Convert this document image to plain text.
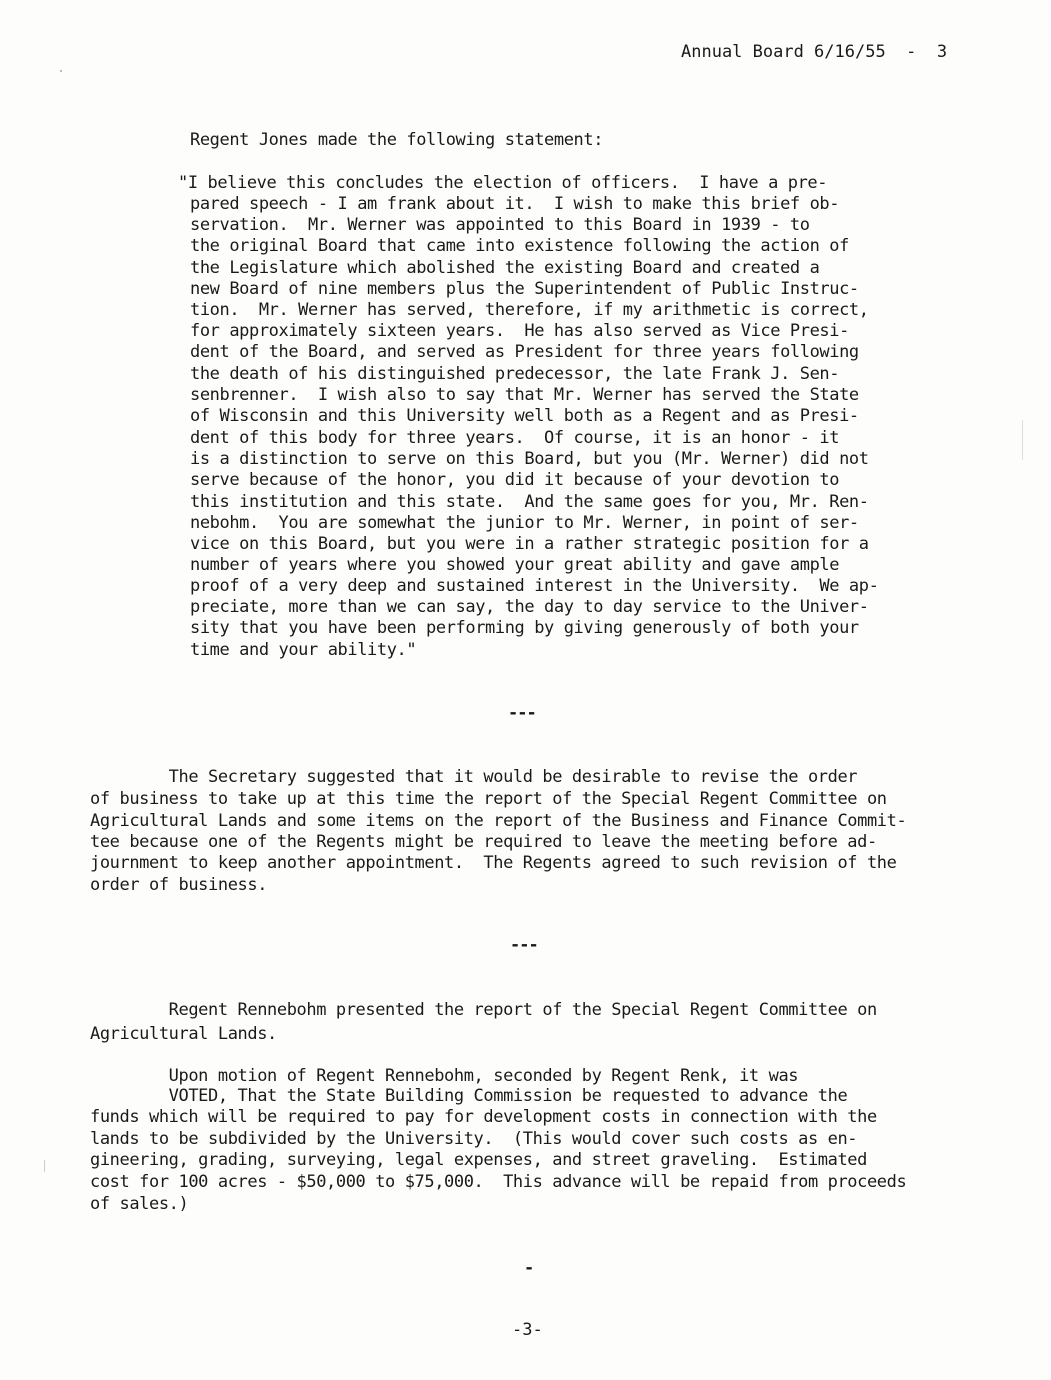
Annual Board 6/16/55  -  3
Regent Jones made the following statement:
"I believe this concludes the election of officers.  I have a pre-
pared speech - I am frank about it.  I wish to make this brief ob-
servation.  Mr. Werner was appointed to this Board in 1939 - to
the original Board that came into existence following the action of
the Legislature which abolished the existing Board and created a
new Board of nine members plus the Superintendent of Public Instruc-
tion.  Mr. Werner has served, therefore, if my arithmetic is correct,
for approximately sixteen years.  He has also served as Vice Presi-
dent of the Board, and served as President for three years following
the death of his distinguished predecessor, the late Frank J. Sen-
senbrenner.  I wish also to say that Mr. Werner has served the State
of Wisconsin and this University well both as a Regent and as Presi-
dent of this body for three years.  Of course, it is an honor - it
is a distinction to serve on this Board, but you (Mr. Werner) did not
serve because of the honor, you did it because of your devotion to
this institution and this state.  And the same goes for you, Mr. Ren-
nebohm.  You are somewhat the junior to Mr. Werner, in point of ser-
vice on this Board, but you were in a rather strategic position for a
number of years where you showed your great ability and gave ample
proof of a very deep and sustained interest in the University.  We ap-
preciate, more than we can say, the day to day service to the Univer-
sity that you have been performing by giving generously of both your
time and your ability."
---
The Secretary suggested that it would be desirable to revise the order
of business to take up at this time the report of the Special Regent Committee on
Agricultural Lands and some items on the report of the Business and Finance Commit-
tee because one of the Regents might be required to leave the meeting before ad-
journment to keep another appointment.  The Regents agreed to such revision of the
order of business.
---
Regent Rennebohm presented the report of the Special Regent Committee on
Agricultural Lands.
Upon motion of Regent Rennebohm, seconded by Regent Renk, it was
VOTED, That the State Building Commission be requested to advance the
funds which will be required to pay for development costs in connection with the
lands to be subdivided by the University.  (This would cover such costs as en-
gineering, grading, surveying, legal expenses, and street graveling.  Estimated
cost for 100 acres - $50,000 to $75,000.  This advance will be repaid from proceeds
of sales.)
-
-3-
